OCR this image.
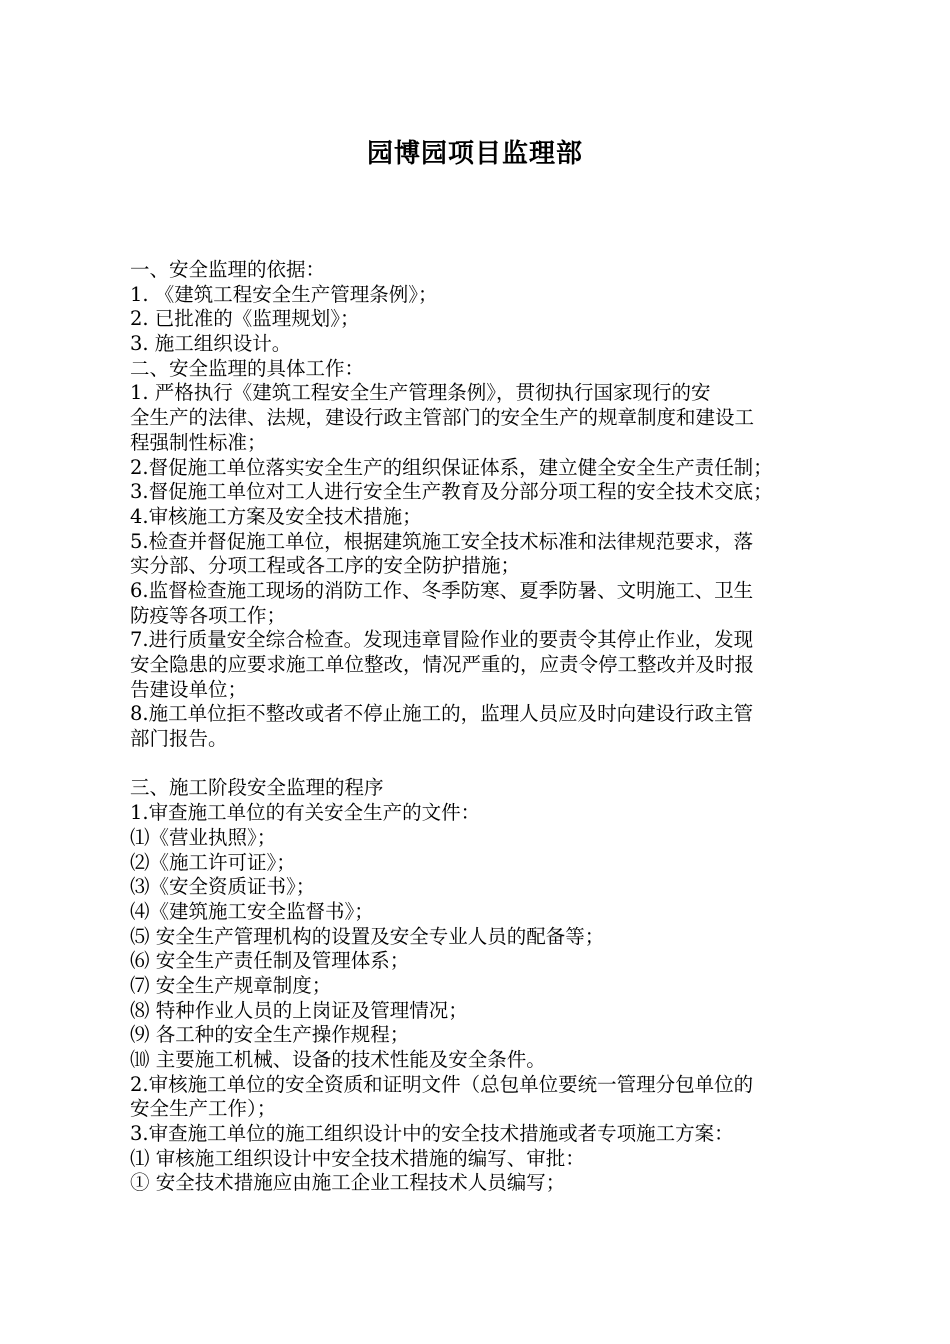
园博园项目监理部
一、安全监理的依据：
1. 《建筑工程安全生产管理条例》；
2. 已批准的《监理规划》；
3. 施工组织设计。
二、安全监理的具体工作：
1. 严格执行《建筑工程安全生产管理条例》，贯彻执行国家现行的安
全生产的法律、法规，建设行政主管部门的安全生产的规章制度和建设工
程强制性标准；
2.督促施工单位落实安全生产的组织保证体系，建立健全安全生产责任制；
3.督促施工单位对工人进行安全生产教育及分部分项工程的安全技术交底；
4.审核施工方案及安全技术措施；
5.检查并督促施工单位，根据建筑施工安全技术标准和法律规范要求，落
实分部、分项工程或各工序的安全防护措施；
6.监督检查施工现场的消防工作、冬季防寒、夏季防暑、文明施工、卫生
防疫等各项工作；
7.进行质量安全综合检查。发现违章冒险作业的要责令其停止作业，发现
安全隐患的应要求施工单位整改，情况严重的，应责令停工整改并及时报
告建设单位；
8.施工单位拒不整改或者不停止施工的，监理人员应及时向建设行政主管
部门报告。
三、施工阶段安全监理的程序
1.审查施工单位的有关安全生产的文件：
⑴《营业执照》；
⑵《施工许可证》；
⑶《安全资质证书》；
⑷《建筑施工安全监督书》；
⑸ 安全生产管理机构的设置及安全专业人员的配备等；
⑹ 安全生产责任制及管理体系；
⑺ 安全生产规章制度；
⑻ 特种作业人员的上岗证及管理情况；
⑼ 各工种的安全生产操作规程；
⑽ 主要施工机械、设备的技术性能及安全条件。
2.审核施工单位的安全资质和证明文件（总包单位要统一管理分包单位的
安全生产工作）；
3.审查施工单位的施工组织设计中的安全技术措施或者专项施工方案：
⑴ 审核施工组织设计中安全技术措施的编写、审批：
① 安全技术措施应由施工企业工程技术人员编写；
